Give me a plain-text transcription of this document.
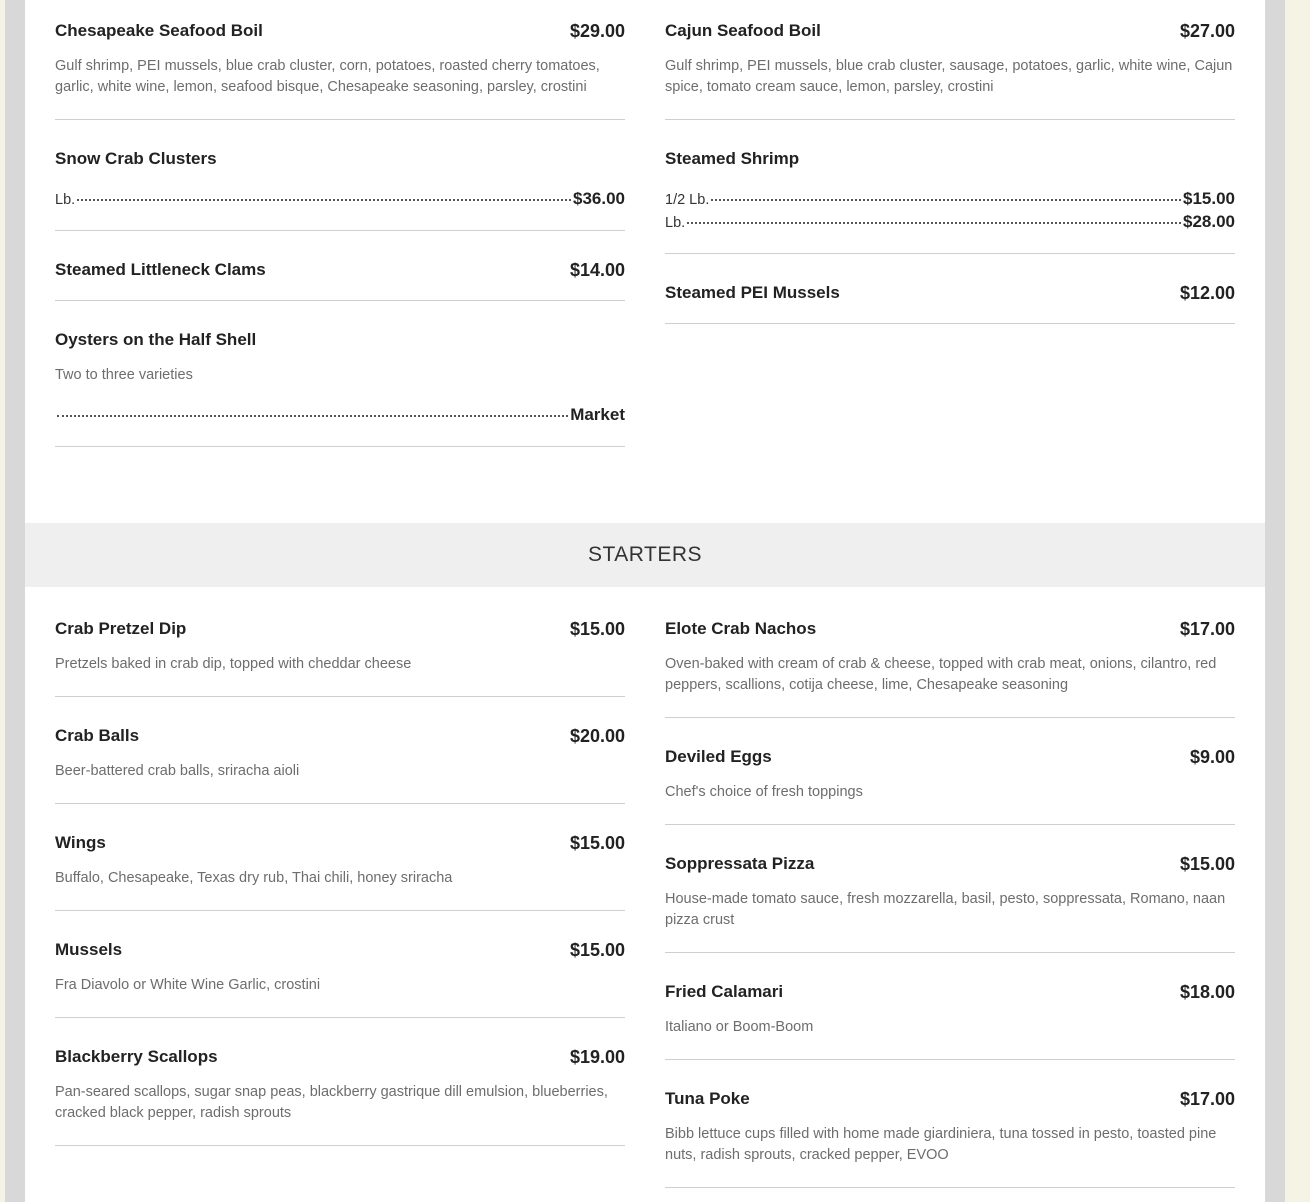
Chesapeake Seafood Boil	$29.00
Gulf shrimp, PEI mussels, blue crab cluster, corn, potatoes, roasted cherry tomatoes, garlic, white wine, lemon, seafood bisque, Chesapeake seasoning, parsley, crostini
Snow Crab Clusters
Lb.	$36.00
Steamed Littleneck Clams	$14.00
Oysters on the Half Shell
Two to three varieties
Market
Cajun Seafood Boil	$27.00
Gulf shrimp, PEI mussels, blue crab cluster, sausage, potatoes, garlic, white wine, Cajun spice, tomato cream sauce, lemon, parsley, crostini
Steamed Shrimp
1/2 Lb.	$15.00
Lb.	$28.00
Steamed PEI Mussels	$12.00
STARTERS
Crab Pretzel Dip	$15.00
Pretzels baked in crab dip, topped with cheddar cheese
Crab Balls	$20.00
Beer-battered crab balls, sriracha aioli
Wings	$15.00
Buffalo, Chesapeake, Texas dry rub, Thai chili, honey sriracha
Mussels	$15.00
Fra Diavolo or White Wine Garlic, crostini
Blackberry Scallops	$19.00
Pan-seared scallops, sugar snap peas, blackberry gastrique dill emulsion, blueberries, cracked black pepper, radish sprouts
Elote Crab Nachos	$17.00
Oven-baked with cream of crab & cheese, topped with crab meat, onions, cilantro, red peppers, scallions, cotija cheese, lime, Chesapeake seasoning
Deviled Eggs	$9.00
Chef's choice of fresh toppings
Soppressata Pizza	$15.00
House-made tomato sauce, fresh mozzarella, basil, pesto, soppressata, Romano, naan pizza crust
Fried Calamari	$18.00
Italiano or Boom-Boom
Tuna Poke	$17.00
Bibb lettuce cups filled with home made giardiniera, tuna tossed in pesto, toasted pine nuts, radish sprouts, cracked pepper, EVOO
